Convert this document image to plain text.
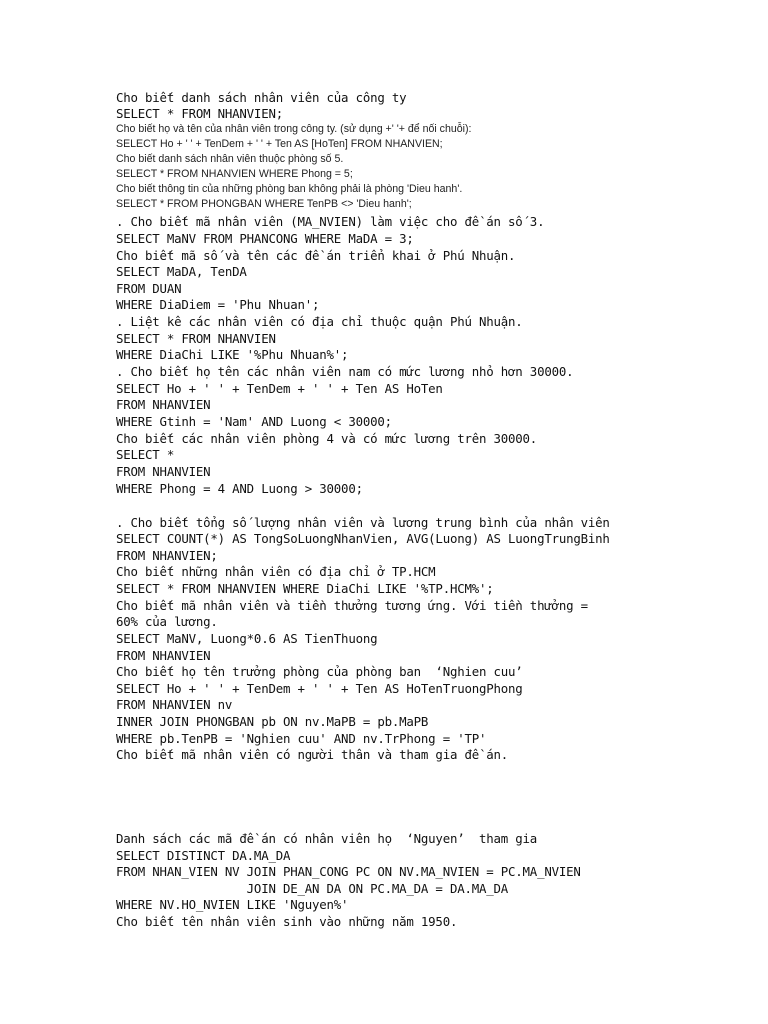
Cho biết danh sách nhân viên của công ty
SELECT * FROM NHANVIEN;
Cho biết họ và tên của nhân viên trong công ty. (sử dụng +' '+ để nối chuỗi):
SELECT Ho + ' ' + TenDem + ' ' + Ten AS [HoTen] FROM NHANVIEN;
Cho biết danh sách nhân viên thuộc phòng số 5.
SELECT * FROM NHANVIEN WHERE Phong = 5;
Cho biết thông tin của những phòng ban không phải là phòng 'Dieu hanh'.
SELECT * FROM PHONGBAN WHERE TenPB <> 'Dieu hanh';
. Cho biết mã nhân viên (MA_NVIEN) làm việc cho đề án số 3.
SELECT MaNV FROM PHANCONG WHERE MaDA = 3;
Cho biết mã số và tên các đề án triển khai ở Phú Nhuận.
SELECT MaDA, TenDA
FROM DUAN
WHERE DiaDiem = 'Phu Nhuan';
. Liệt kê các nhân viên có địa chỉ thuộc quận Phú Nhuận.
SELECT * FROM NHANVIEN
WHERE DiaChi LIKE '%Phu Nhuan%';
. Cho biết họ tên các nhân viên nam có mức lương nhỏ hơn 30000.
SELECT Ho + ' ' + TenDem + ' ' + Ten AS HoTen
FROM NHANVIEN
WHERE Gtinh = 'Nam' AND Luong < 30000;
Cho biết các nhân viên phòng 4 và có mức lương trên 30000.
SELECT *
FROM NHANVIEN
WHERE Phong = 4 AND Luong > 30000;
. Cho biết tổng số lượng nhân viên và lương trung bình của nhân viên
SELECT COUNT(*) AS TongSoLuongNhanVien, AVG(Luong) AS LuongTrungBinh
FROM NHANVIEN;
Cho biết những nhân viên có địa chỉ ở TP.HCM
SELECT * FROM NHANVIEN WHERE DiaChi LIKE '%TP.HCM%';
Cho biết mã nhân viên và tiền thưởng tương ứng. Với tiền thưởng =
60% của lương.
SELECT MaNV, Luong*0.6 AS TienThuong
FROM NHANVIEN
Cho biết họ tên trưởng phòng của phòng ban  ‘Nghien cuu’
SELECT Ho + ' ' + TenDem + ' ' + Ten AS HoTenTruongPhong
FROM NHANVIEN nv
INNER JOIN PHONGBAN pb ON nv.MaPB = pb.MaPB
WHERE pb.TenPB = 'Nghien cuu' AND nv.TrPhong = 'TP'
Cho biết mã nhân viên có người thân và tham gia đề án.
Danh sách các mã đề án có nhân viên họ  ‘Nguyen’  tham gia
SELECT DISTINCT DA.MA_DA
FROM NHAN_VIEN NV JOIN PHAN_CONG PC ON NV.MA_NVIEN = PC.MA_NVIEN
JOIN DE_AN DA ON PC.MA_DA = DA.MA_DA
WHERE NV.HO_NVIEN LIKE 'Nguyen%'
Cho biết tên nhân viên sinh vào những năm 1950.
